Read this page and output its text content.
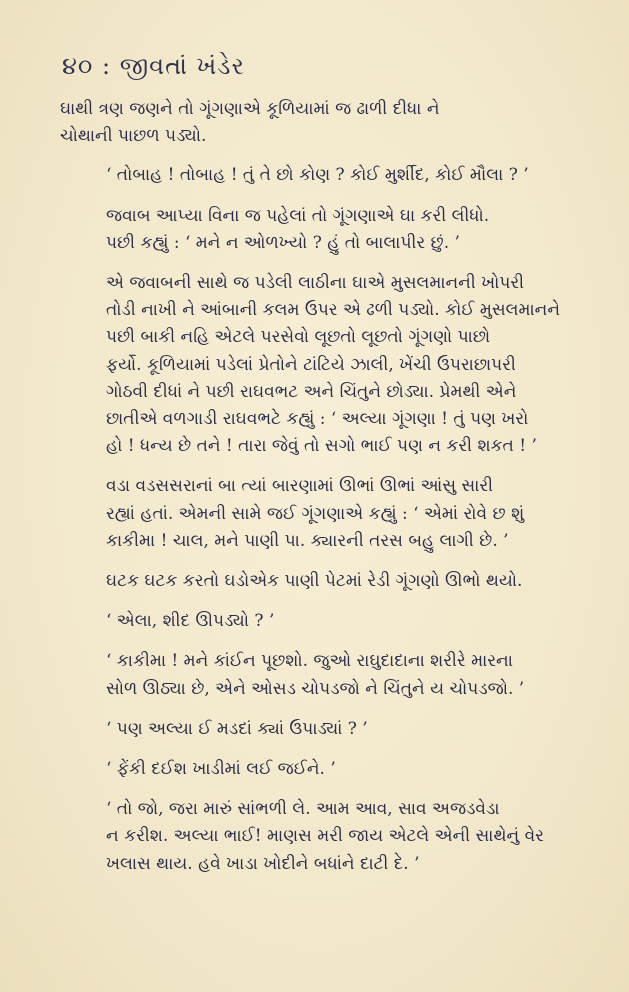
૪૦ : જીવતાં ખંડેર
ઘાથી ત્રણ જણને તો ગૂંગણાએ કૂળિયામાં જ ઢાળી દીધા ને
ચોથાની પાછળ પડ્યો.
‘ તોબાહ ! તોબાહ ! તું તે છો કોણ ? કોઈ મુર્શીદ, કોઈ મૌલા ? ’
જવાબ આપ્યા વિના જ પહેલાં તો ગૂંગણાએ ઘા કરી લીધો.
પછી કહ્યું : ‘ મને ન ઓળખ્યો ? હું તો બાલાપીર છું. ’
એ જવાબની સાથે જ પડેલી લાઠીના ઘાએ મુસલમાનની ખોપરી
તોડી નાખી ને આંબાની કલમ ઉપર એ ઢળી પડ્યો. કોઈ મુસલમાનને
પછી બાકી નહિ એટલે પરસેવો લૂછતો લૂછતો ગૂંગણો પાછો
ફર્યો. કૂળિયામાં પડેલાં પ્રેતોને ટાંટિયે ઝાલી, ખેંચી ઉપરાછાપરી
ગોઠવી દીધાં ને પછી રાઘવભટ અને ચિંતુને છોડ્યા. પ્રેમથી એને
છાતીએ વળગાડી રાઘવભટે કહ્યું : ‘ અલ્યા ગૂંગણા ! તું પણ ખરો
હો ! ધન્ય છે તને ! તારા જેવું તો સગો ભાઈ પણ ન કરી શકત ! ’
વડા વડસસરાનાં બા ત્યાં બારણામાં ઊભાં ઊભાં આંસુ સારી
રહ્યાં હતાં. એમની સામે જઈ ગૂંગણાએ કહ્યું : ‘ એમાં રોવે છ શું
કાકીમા ! ચાલ, મને પાણી પા. ક્યારની તરસ બહુ લાગી છે. ’
ઘટક ઘટક કરતો ઘડોએક પાણી પેટમાં રેડી ગૂંગણો ઊભો થયો.
‘ એલા, શીદ ઊપડ્યો ? ’
‘ કાકીમા ! મને કાંઈન પૂછશો. જુઓ રાઘુદાદાના શરીરે મારના
સોળ ઊઠ્યા છે, એને ઓસડ ચોપડજો ને ચિંતુને ય ચોપડજો. ’
‘ પણ અલ્યા ઈ મડદાં ક્યાં ઉપાડ્યાં ? ’
‘ ફેંકી દઈશ ખાડીમાં લઈ જઈને. ’
‘ તો જો, જરા મારું સાંભળી લે. આમ આવ, સાવ અજડવેડા
ન કરીશ. અલ્યા ભાઈ! માણસ મરી જાય એટલે એની સાથેનું વેર
ખલાસ થાય. હવે ખાડા ખોદીને બધાંને દાટી દે. ’
